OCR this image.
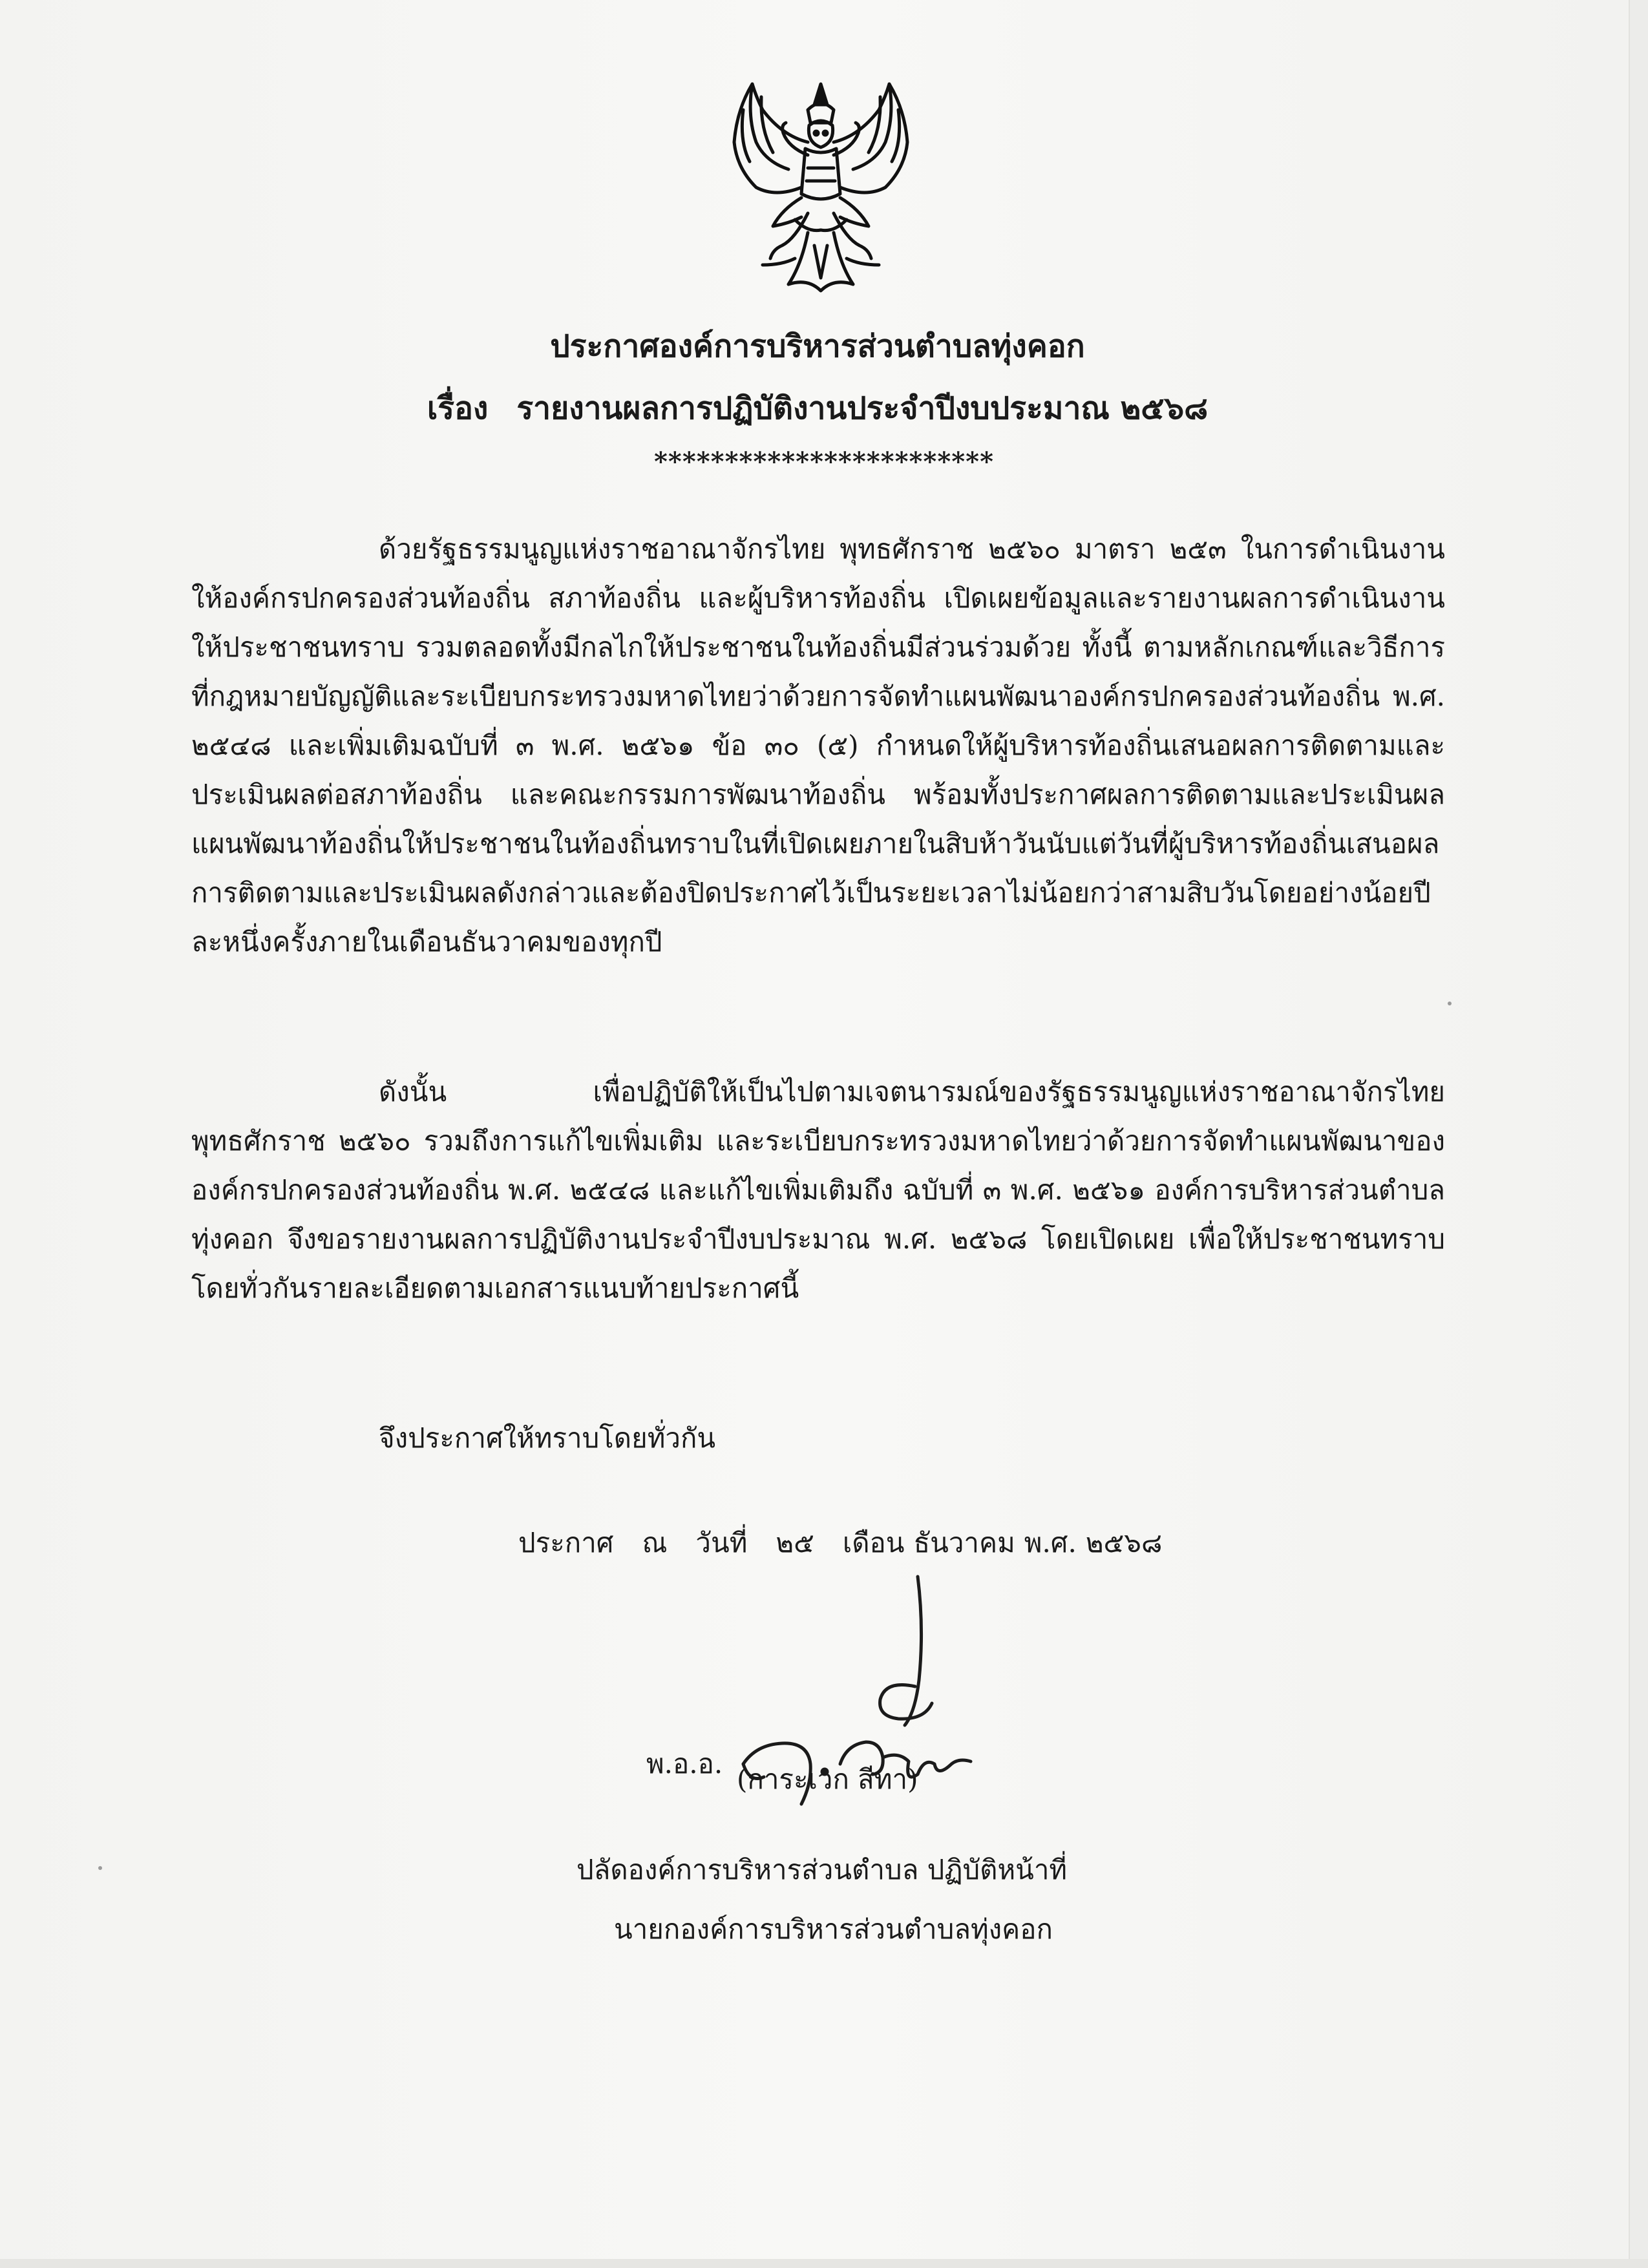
ประกาศองค์การบริหารส่วนตำบลทุ่งคอก
เรื่อง รายงานผลการปฏิบัติงานประจำปีงบประมาณ ๒๕๖๘
************************
ด้วยรัฐธรรมนูญแห่งราชอาณาจักรไทย พุทธศักราช ๒๕๖๐ มาตรา ๒๕๓ ในการดำเนินงาน ให้องค์กรปกครองส่วนท้องถิ่น สภาท้องถิ่น และผู้บริหารท้องถิ่น เปิดเผยข้อมูลและรายงานผลการดำเนินงานให้ประชาชนทราบ รวมตลอดทั้งมีกลไกให้ประชาชนในท้องถิ่นมีส่วนร่วมด้วย ทั้งนี้ ตามหลักเกณฑ์และวิธีการที่กฎหมายบัญญัติและระเบียบกระทรวงมหาดไทยว่าด้วยการจัดทำแผนพัฒนาองค์กรปกครองส่วนท้องถิ่น พ.ศ. ๒๕๔๘ และเพิ่มเติมฉบับที่ ๓ พ.ศ. ๒๕๖๑ ข้อ ๓๐ (๕) กำหนดให้ผู้บริหารท้องถิ่นเสนอผลการติดตามและประเมินผลต่อสภาท้องถิ่น และคณะกรรมการพัฒนาท้องถิ่น พร้อมทั้งประกาศผลการติดตามและประเมินผลแผนพัฒนาท้องถิ่นให้ประชาชนในท้องถิ่นทราบในที่เปิดเผยภายในสิบห้าวันนับแต่วันที่ผู้บริหารท้องถิ่นเสนอผลการติดตามและประเมินผลดังกล่าวและต้องปิดประกาศไว้เป็นระยะเวลาไม่น้อยกว่าสามสิบวันโดยอย่างน้อยปีละหนึ่งครั้งภายในเดือนธันวาคมของทุกปี
ดังนั้น เพื่อปฏิบัติให้เป็นไปตามเจตนารมณ์ของรัฐธรรมนูญแห่งราชอาณาจักรไทย พุทธศักราช ๒๕๖๐ รวมถึงการแก้ไขเพิ่มเติม และระเบียบกระทรวงมหาดไทยว่าด้วยการจัดทำแผนพัฒนาขององค์กรปกครองส่วนท้องถิ่น พ.ศ. ๒๕๔๘ และแก้ไขเพิ่มเติมถึง ฉบับที่ ๓ พ.ศ. ๒๕๖๑ องค์การบริหารส่วนตำบลทุ่งคอก จึงขอรายงานผลการปฏิบัติงานประจำปีงบประมาณ พ.ศ. ๒๕๖๘ โดยเปิดเผย เพื่อให้ประชาชนทราบโดยทั่วกันรายละเอียดตามเอกสารแนบท้ายประกาศนี้
จึงประกาศให้ทราบโดยทั่วกัน
ประกาศ ณ วันที่ ๒๕ เดือน ธันวาคม พ.ศ. ๒๕๖๘
พ.อ.อ. (การะเวก สีทา)
ปลัดองค์การบริหารส่วนตำบล ปฏิบัติหน้าที่
นายกองค์การบริหารส่วนตำบลทุ่งคอก
